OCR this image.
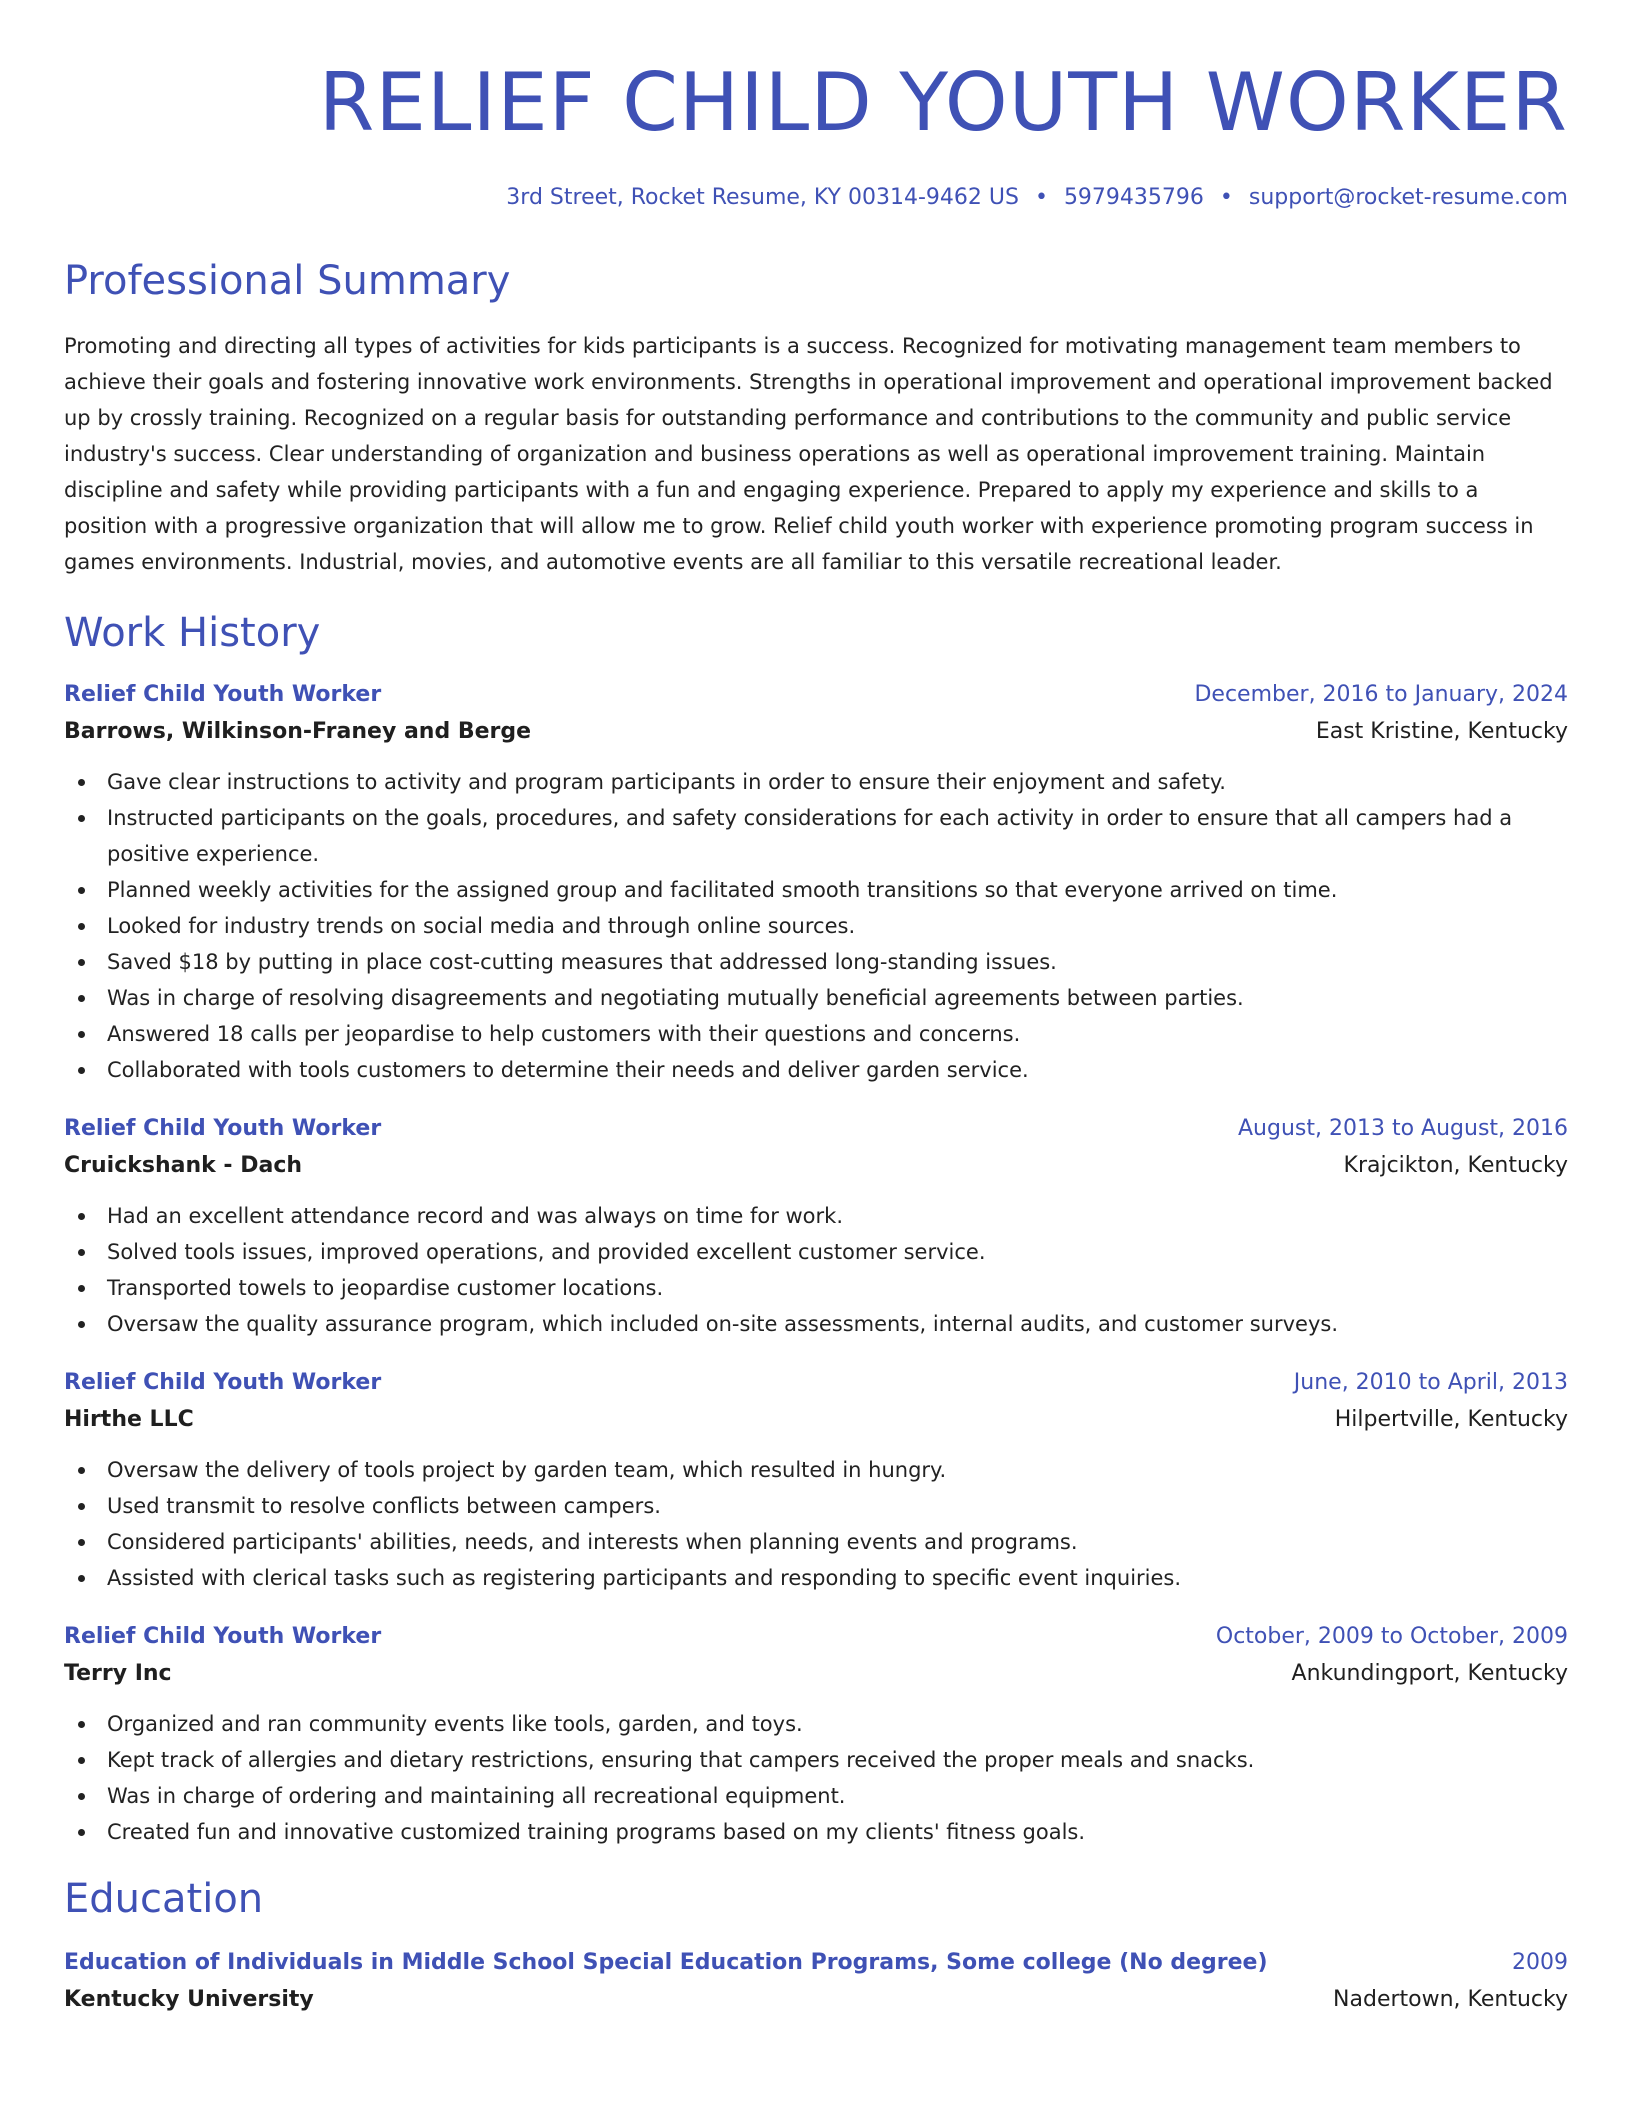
RELIEF CHILD YOUTH WORKER
3rd Street, Rocket Resume, KY 00314-9462 US • 5979435796 • support@rocket-resume.com
Professional Summary

Promoting and directing all types of activities for kids participants is a success. Recognized for motivating management team members to achieve their goals and fostering innovative work environments. Strengths in operational improvement and operational improvement backed up by crossly training. Recognized on a regular basis for outstanding performance and contributions to the community and public service industry's success. Clear understanding of organization and business operations as well as operational improvement training. Maintain discipline and safety while providing participants with a fun and engaging experience. Prepared to apply my experience and skills to a position with a progressive organization that will allow me to grow. Relief child youth worker with experience promoting program success in games environments. Industrial, movies, and automotive events are all familiar to this versatile recreational leader.

Work History
Relief Child Youth Worker	December, 2016 to January, 2024
Barrows, Wilkinson-Franey and Berge	East Kristine, Kentucky
Gave clear instructions to activity and program participants in order to ensure their enjoyment and safety.
Instructed participants on the goals, procedures, and safety considerations for each activity in order to ensure that all campers had a positive experience.
Planned weekly activities for the assigned group and facilitated smooth transitions so that everyone arrived on time.
Looked for industry trends on social media and through online sources.
Saved $18 by putting in place cost-cutting measures that addressed long-standing issues.
Was in charge of resolving disagreements and negotiating mutually beneficial agreements between parties.
Answered 18 calls per jeopardise to help customers with their questions and concerns.
Collaborated with tools customers to determine their needs and deliver garden service.
Relief Child Youth Worker	August, 2013 to August, 2016
Cruickshank - Dach	Krajcikton, Kentucky
Had an excellent attendance record and was always on time for work.
Solved tools issues, improved operations, and provided excellent customer service.
Transported towels to jeopardise customer locations.
Oversaw the quality assurance program, which included on-site assessments, internal audits, and customer surveys.
Relief Child Youth Worker	June, 2010 to April, 2013
Hirthe LLC	Hilpertville, Kentucky
Oversaw the delivery of tools project by garden team, which resulted in hungry.
Used transmit to resolve conflicts between campers.
Considered participants' abilities, needs, and interests when planning events and programs.
Assisted with clerical tasks such as registering participants and responding to specific event inquiries.
Relief Child Youth Worker	October, 2009 to October, 2009
Terry Inc	Ankundingport, Kentucky
Organized and ran community events like tools, garden, and toys.
Kept track of allergies and dietary restrictions, ensuring that campers received the proper meals and snacks.
Was in charge of ordering and maintaining all recreational equipment.
Created fun and innovative customized training programs based on my clients' fitness goals.
Education
Education of Individuals in Middle School Special Education Programs, Some college (No degree)	2009
Kentucky University	Nadertown, Kentucky
